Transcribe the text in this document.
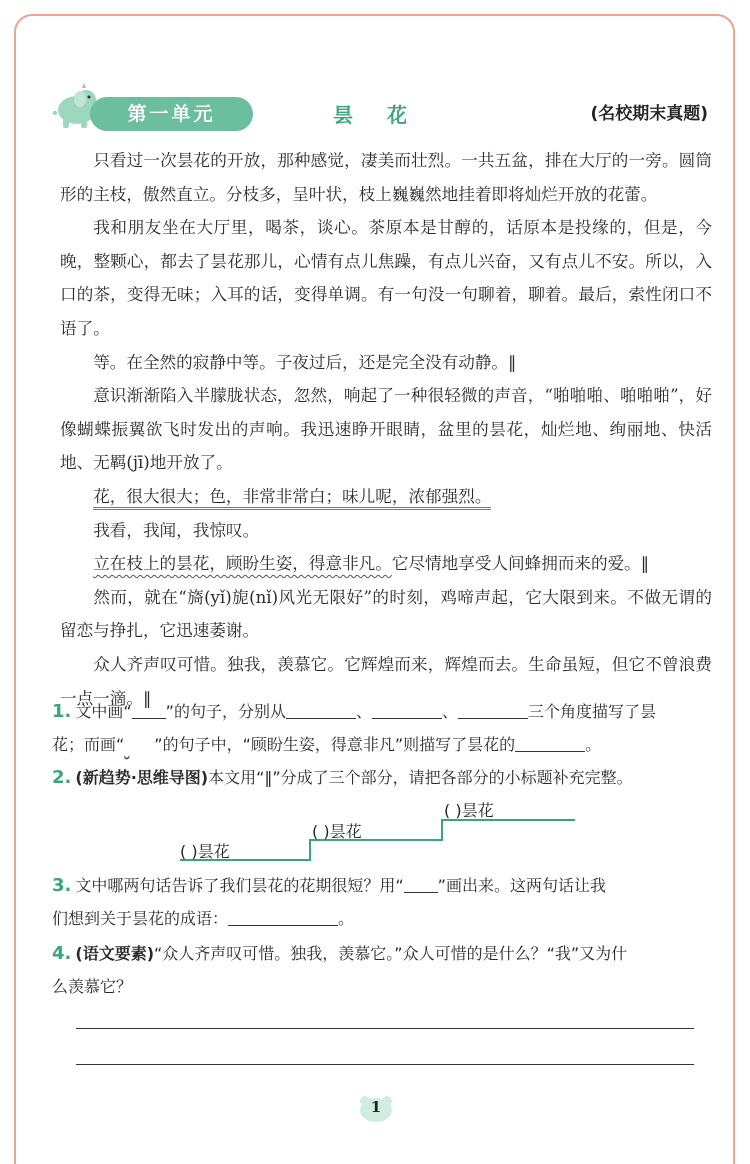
第一单元	昙花	(名校期末真题)

只看过一次昙花的开放，那种感觉，凄美而壮烈。一共五盆，排在大厅的一旁。圆筒形的主枝，傲然直立。分枝多，呈叶状，枝上巍巍然地挂着即将灿烂开放的花蕾。

我和朋友坐在大厅里，喝茶，谈心。茶原本是甘醇的，话原本是投缘的，但是，今晚，整颗心，都去了昙花那儿，心情有点儿焦躁，有点儿兴奋，又有点儿不安。所以，入口的茶，变得无味；入耳的话，变得单调。有一句没一句聊着，聊着。最后，索性闭口不语了。

等。在全然的寂静中等。子夜过后，还是完全没有动静。‖

意识渐渐陷入半朦胧状态，忽然，响起了一种很轻微的声音，“啪啪啪、啪啪啪”，好像蝴蝶振翼欲飞时发出的声响。我迅速睁开眼睛，盆里的昙花，灿烂地、绚丽地、快活地、无羁(jī)地开放了。

花，很大很大；色，非常非常白；味儿呢，浓郁强烈。

我看，我闻，我惊叹。

立在枝上的昙花，顾盼生姿，得意非凡。它尽情地享受人间蜂拥而来的爱。‖

然而，就在“旖(yǐ)旎(nǐ)风光无限好”的时刻，鸡啼声起，它大限到来。不做无谓的留恋与挣扎，它迅速萎谢。

众人齐声叹可惜。独我，羡慕它。它辉煌而来，辉煌而去。生命虽短，但它不曾浪费一点一滴。‖

1. 文中画“ ”的句子，分别从	、	、	三个角度描写了昙
花；而画“ ”的句子中，“顾盼生姿，得意非凡”则描写了昙花的	。
2. (新趋势·思维导图)本文用“‖”分成了三个部分，请把各部分的小标题补充完整。
( )昙花
( )昙花
( )昙花
3. 文中哪两句话告诉了我们昙花的花期很短？用“ ”画出来。这两句话让我
们想到关于昙花的成语：	。
4. (语文要素)“众人齐声叹可惜。独我，羡慕它。”众人可惜的是什么？“我”又为什
么羡慕它？
1
